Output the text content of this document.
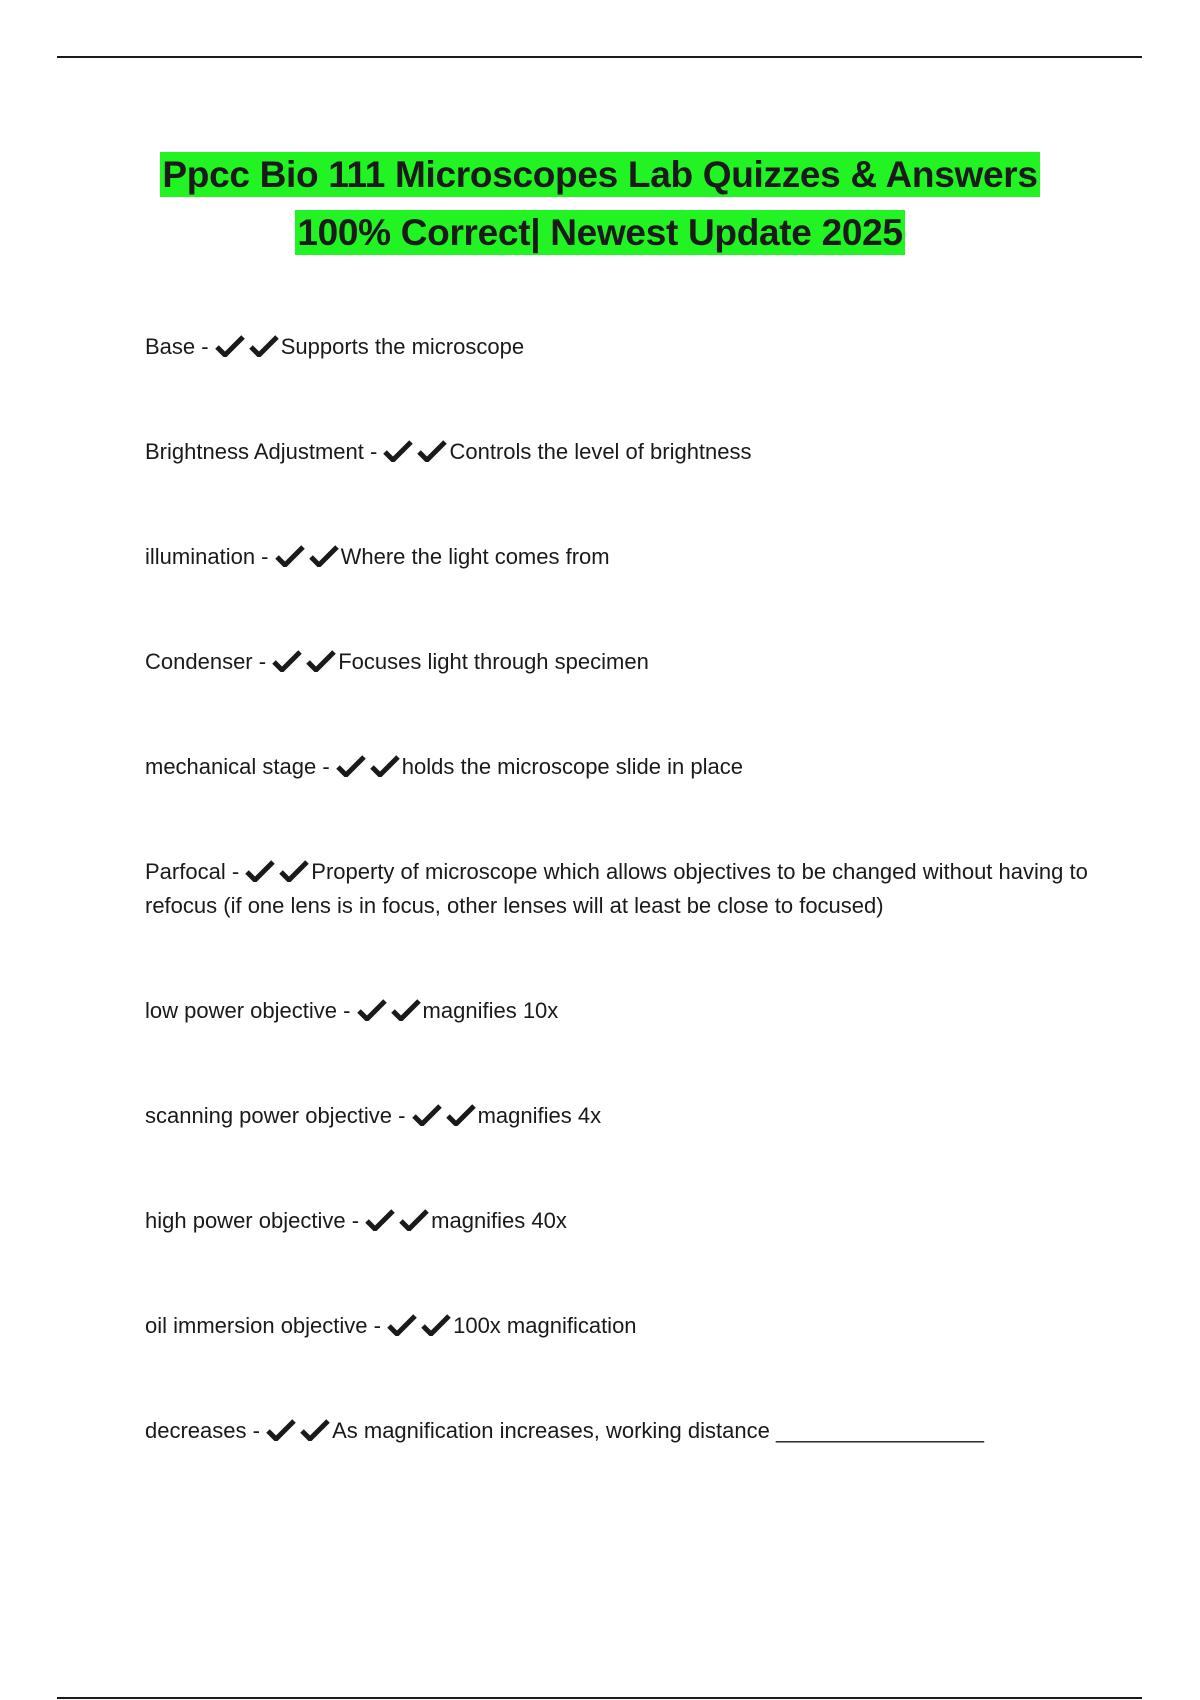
Ppcc Bio 111 Microscopes Lab Quizzes & Answers
100% Correct| Newest Update 2025
Base -	Supports the microscope
Brightness Adjustment -	Controls the level of brightness
illumination -	Where the light comes from
Condenser -	Focuses light through specimen
mechanical stage -	holds the microscope slide in place
Parfocal -	Property of microscope which allows objectives to be changed without having to refocus (if one lens is in focus, other lenses will at least be close to focused)
low power objective -	magnifies 10x
scanning power objective -	magnifies 4x
high power objective -	magnifies 40x
oil immersion objective -	100x magnification
decreases -	As magnification increases, working distance _________________
